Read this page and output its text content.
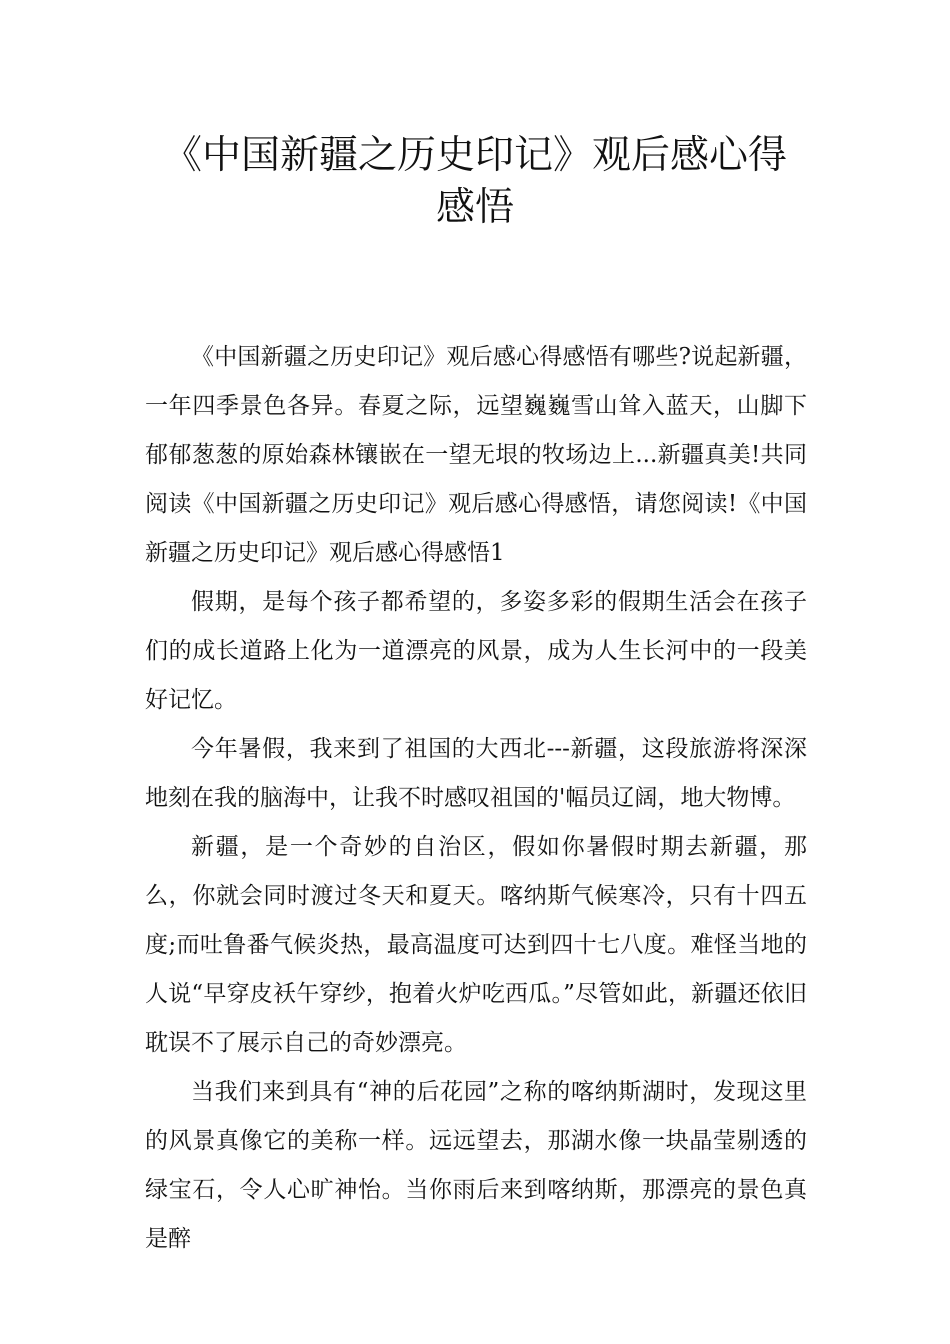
《中国新疆之历史印记》观后感心得感悟

《中国新疆之历史印记》观后感心得感悟有哪些?说起新疆，一年四季景色各异。春夏之际，远望巍巍雪山耸入蓝天，山脚下郁郁葱葱的原始森林镶嵌在一望无垠的牧场边上...新疆真美!共同阅读《中国新疆之历史印记》观后感心得感悟，请您阅读!《中国新疆之历史印记》观后感心得感悟1

假期，是每个孩子都希望的，多姿多彩的假期生活会在孩子们的成长道路上化为一道漂亮的风景，成为人生长河中的一段美好记忆。

今年暑假，我来到了祖国的大西北---新疆，这段旅游将深深地刻在我的脑海中，让我不时感叹祖国的'幅员辽阔，地大物博。

新疆，是一个奇妙的自治区，假如你暑假时期去新疆，那么，你就会同时渡过冬天和夏天。喀纳斯气候寒冷，只有十四五度;而吐鲁番气候炎热，最高温度可达到四十七八度。难怪当地的人说“早穿皮袄午穿纱，抱着火炉吃西瓜。”尽管如此，新疆还依旧耽误不了展示自己的奇妙漂亮。

当我们来到具有“神的后花园”之称的喀纳斯湖时，发现这里的风景真像它的美称一样。远远望去，那湖水像一块晶莹剔透的绿宝石，令人心旷神怡。当你雨后来到喀纳斯，那漂亮的景色真是醉
